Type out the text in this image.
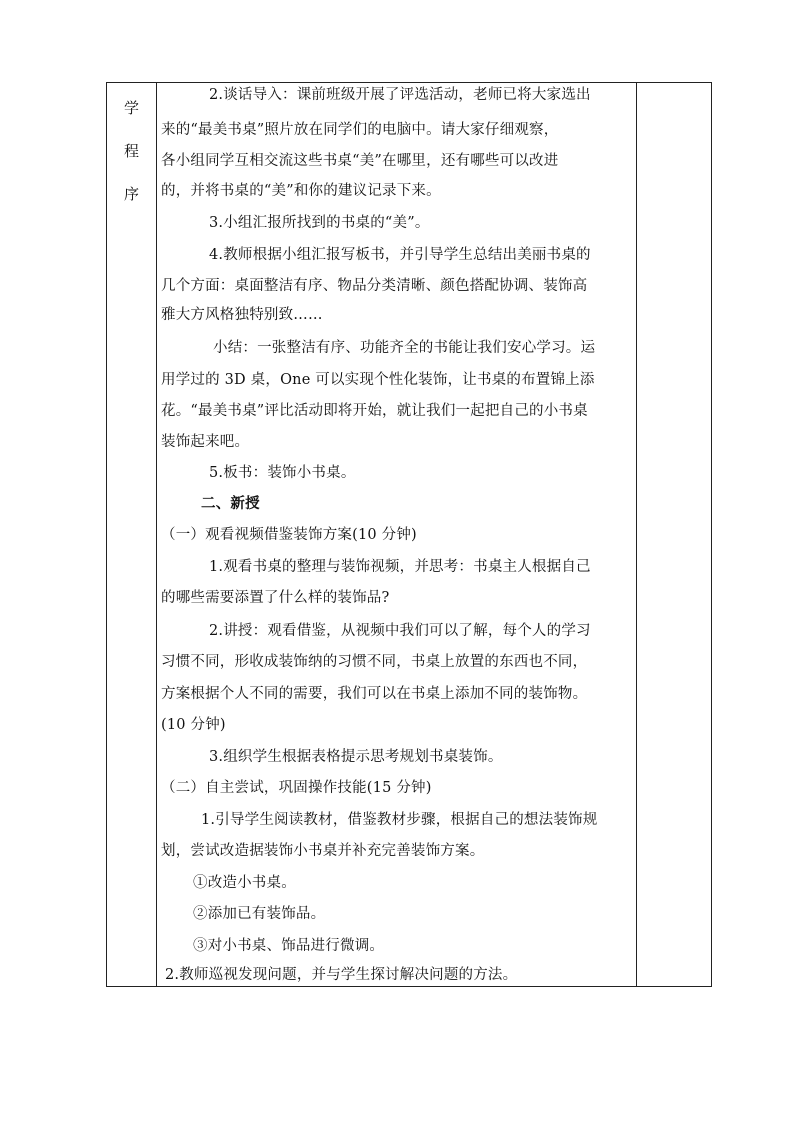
学
程
序
2.谈话导入：课前班级开展了评选活动，老师已将大家选出
来的“最美书桌”照片放在同学们的电脑中。请大家仔细观察，
各小组同学互相交流这些书桌“美”在哪里，还有哪些可以改进
的，并将书桌的“美”和你的建议记录下来。
3.小组汇报所找到的书桌的“美”。
4.教师根据小组汇报写板书，并引导学生总结出美丽书桌的
几个方面：桌面整洁有序、物品分类清晰、颜色搭配协调、装饰高
雅大方风格独特别致……
小结：一张整洁有序、功能齐全的书能让我们安心学习。运
用学过的 3D 桌，One 可以实现个性化装饰，让书桌的布置锦上添
花。“最美书桌”评比活动即将开始，就让我们一起把自己的小书桌
装饰起来吧。
5.板书：装饰小书桌。
二、新授
（一）观看视频借鉴装饰方案(10 分钟)
1.观看书桌的整理与装饰视频，并思考：书桌主人根据自己
的哪些需要添置了什么样的装饰品?
2.讲授：观看借鉴，从视频中我们可以了解，每个人的学习
习惯不同，形收成装饰纳的习惯不同，书桌上放置的东西也不同，
方案根据个人不同的需要，我们可以在书桌上添加不同的装饰物。
(10 分钟)
3.组织学生根据表格提示思考规划书桌装饰。
（二）自主尝试，巩固操作技能(15 分钟)
1.引导学生阅读教材，借鉴教材步骤，根据自己的想法装饰规
划，尝试改造据装饰小书桌并补充完善装饰方案。
①改造小书桌。
②添加已有装饰品。
③对小书桌、饰品进行微调。
2.教师巡视发现问题，并与学生探讨解决问题的方法。
